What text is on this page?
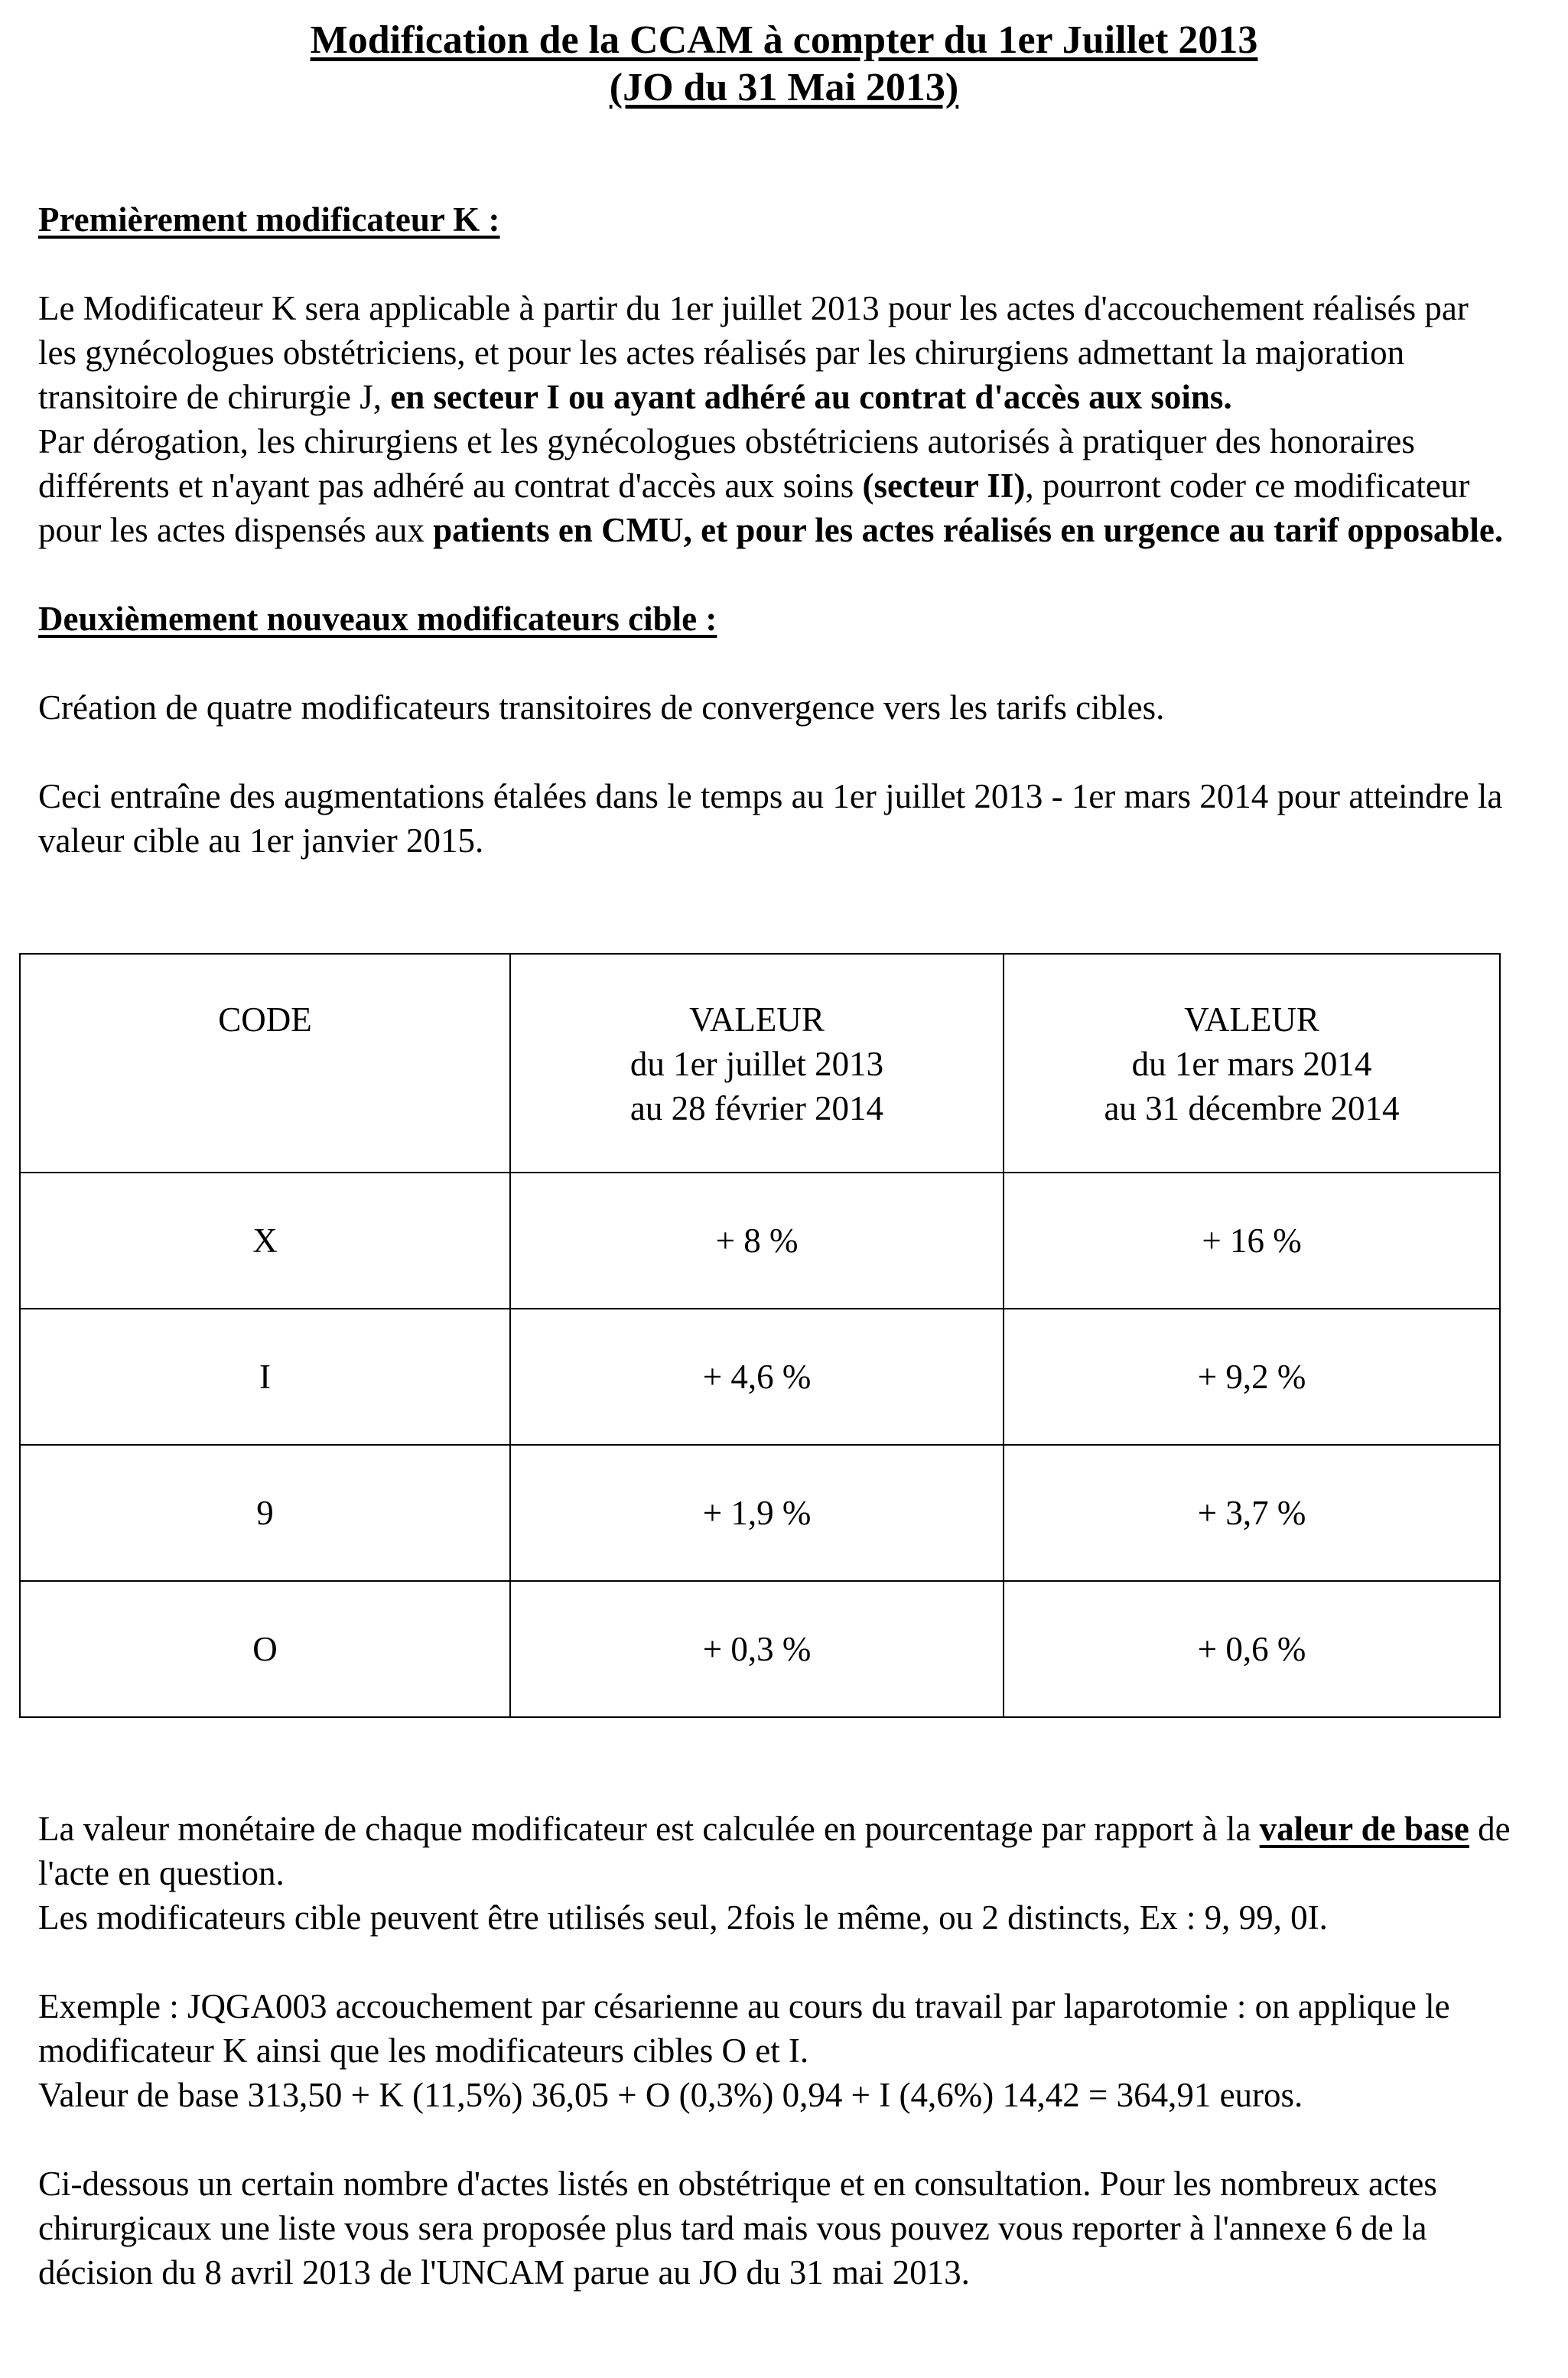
Modification de la CCAM à compter du 1er Juillet 2013
(JO du 31 Mai 2013)
Premièrement modificateur K :

Le Modificateur K sera applicable à partir du 1er juillet 2013 pour les actes d'accouchement réalisés par les gynécologues obstétriciens, et pour les actes réalisés par les chirurgiens admettant la majoration transitoire de chirurgie J, en secteur I ou ayant adhéré au contrat d'accès aux soins.

Par dérogation, les chirurgiens et les gynécologues obstétriciens autorisés à pratiquer des honoraires différents et n'ayant pas adhéré au contrat d'accès aux soins (secteur II), pourront coder ce modificateur pour les actes dispensés aux patients en CMU, et pour les actes réalisés en urgence au tarif opposable.

Deuxièmement nouveaux modificateurs cible :

Création de quatre modificateurs transitoires de convergence vers les tarifs cibles.

Ceci entraîne des augmentations étalées dans le temps au 1er juillet 2013 - 1er mars 2014 pour atteindre la valeur cible au 1er janvier 2015.

CODE	VALEUR
du 1er juillet 2013
au 28 février 2014	VALEUR
du 1er mars 2014
au 31 décembre 2014
X	+ 8 %	+ 16 %
I	+ 4,6 %	+ 9,2 %
9	+ 1,9 %	+ 3,7 %
O	+ 0,3 %	+ 0,6 %

La valeur monétaire de chaque modificateur est calculée en pourcentage par rapport à la valeur de base de l'acte en question.
Les modificateurs cible peuvent être utilisés seul, 2fois le même, ou 2 distincts, Ex : 9, 99, 0I.

Exemple : JQGA003 accouchement par césarienne au cours du travail par laparotomie : on applique le modificateur K ainsi que les modificateurs cibles O et I.
Valeur de base 313,50 + K (11,5%) 36,05 + O (0,3%) 0,94 + I (4,6%) 14,42 = 364,91 euros.

Ci-dessous un certain nombre d'actes listés en obstétrique et en consultation. Pour les nombreux actes chirurgicaux une liste vous sera proposée plus tard mais vous pouvez vous reporter à l'annexe 6 de la décision du 8 avril 2013 de l'UNCAM parue au JO du 31 mai 2013.
